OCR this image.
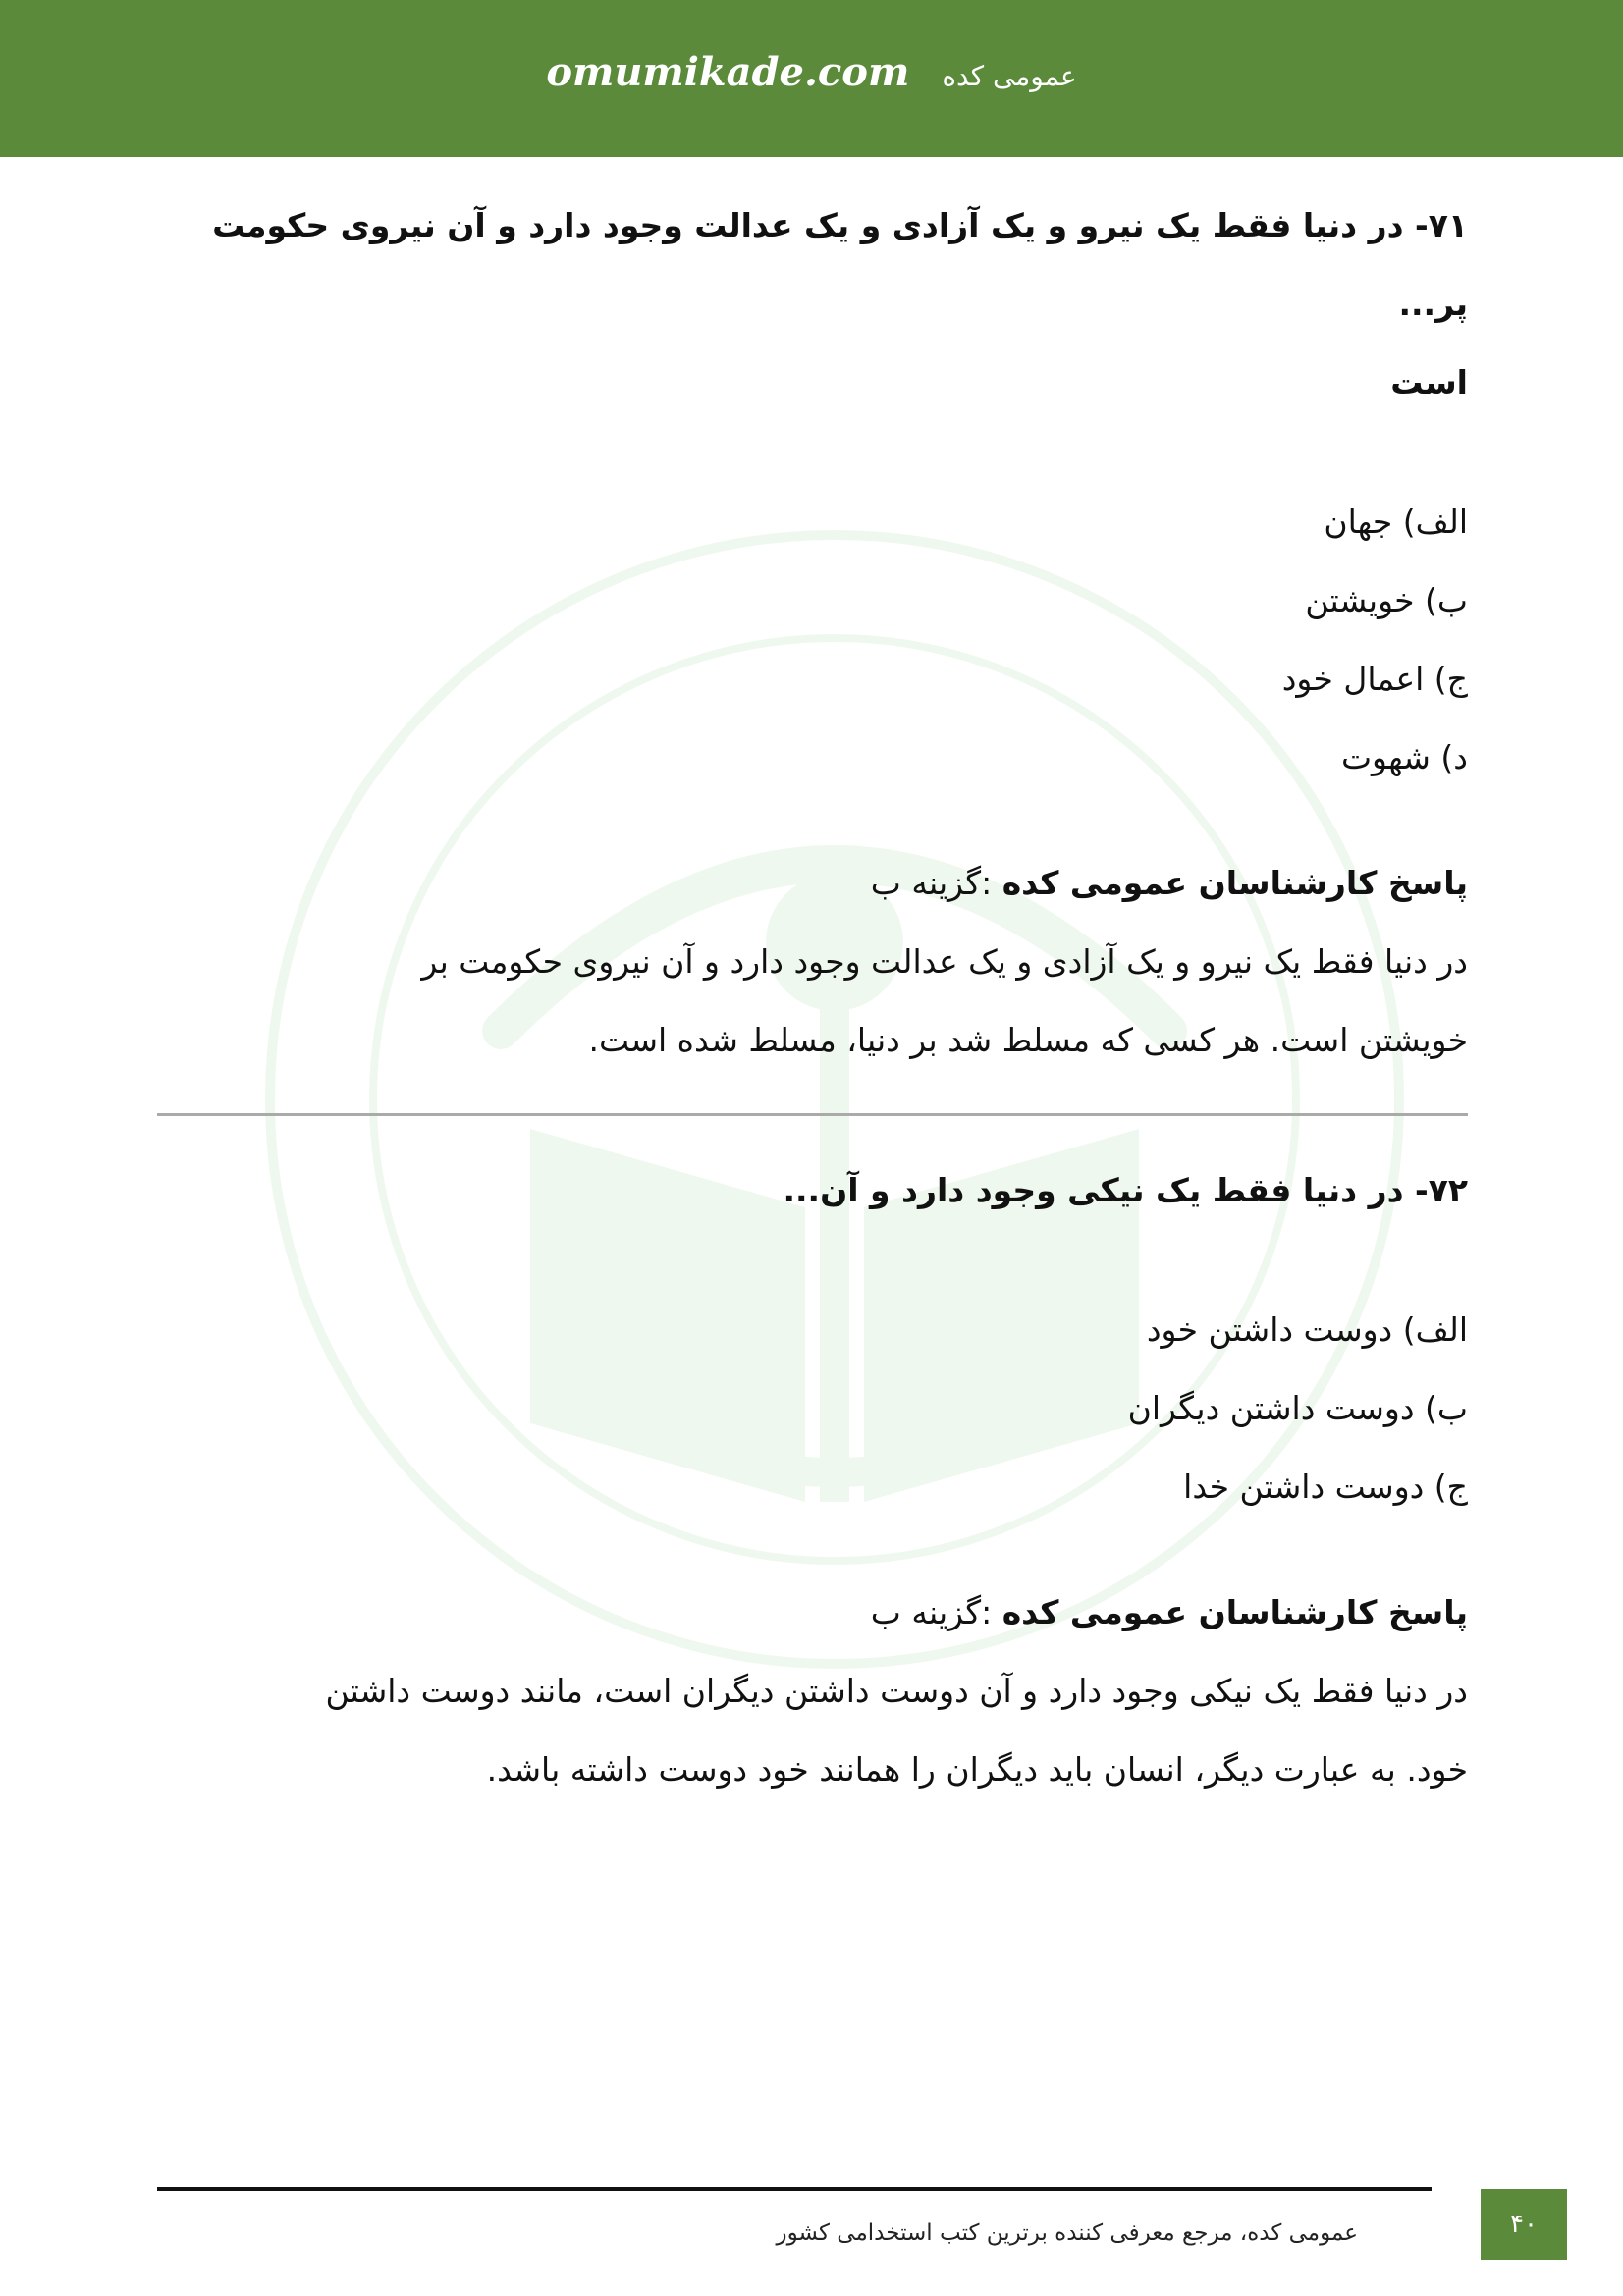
omumikade.com عمومی کده

۷۱- در دنیا فقط یک نیرو و یک آزادی و یک عدالت وجود دارد و آن نیروی حکومت پر...
است

الف) جهان
ب) خویشتن
ج) اعمال خود
د) شهوت
پاسخ کارشناسان عمومی کده :گزینه ب
در دنیا فقط یک نیرو و یک آزادی و یک عدالت وجود دارد و آن نیروی حکومت بر
خویشتن است. هر کسی که مسلط شد بر دنیا، مسلط شده است.

۷۲- در دنیا فقط یک نیکی وجود دارد و آن...

الف) دوست داشتن خود
ب) دوست داشتن دیگران
ج) دوست داشتن خدا
پاسخ کارشناسان عمومی کده :گزینه ب
در دنیا فقط یک نیکی وجود دارد و آن دوست داشتن دیگران است، مانند دوست داشتن
خود. به عبارت دیگر، انسان باید دیگران را همانند خود دوست داشته باشد.
عمومی کده، مرجع معرفی کننده برترین کتب استخدامی کشور	۴۰
